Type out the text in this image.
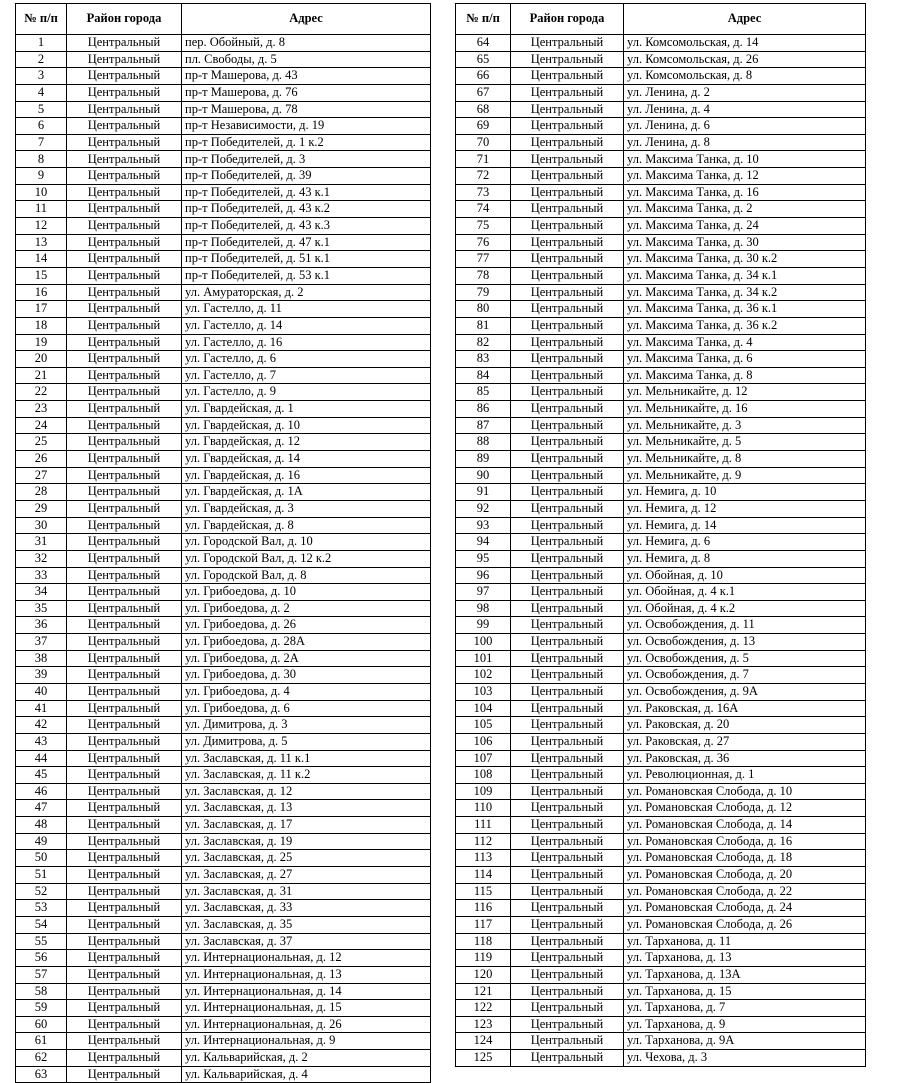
№ п/п	Район города	Адрес
1	Центральный	пер. Обойный, д. 8
2	Центральный	пл. Свободы, д. 5
3	Центральный	пр-т Машерова, д. 43
4	Центральный	пр-т Машерова, д. 76
5	Центральный	пр-т Машерова, д. 78
6	Центральный	пр-т Независимости, д. 19
7	Центральный	пр-т Победителей, д. 1 к.2
8	Центральный	пр-т Победителей, д. 3
9	Центральный	пр-т Победителей, д. 39
10	Центральный	пр-т Победителей, д. 43 к.1
11	Центральный	пр-т Победителей, д. 43 к.2
12	Центральный	пр-т Победителей, д. 43 к.3
13	Центральный	пр-т Победителей, д. 47 к.1
14	Центральный	пр-т Победителей, д. 51 к.1
15	Центральный	пр-т Победителей, д. 53 к.1
16	Центральный	ул. Амураторская, д. 2
17	Центральный	ул. Гастелло, д. 11
18	Центральный	ул. Гастелло, д. 14
19	Центральный	ул. Гастелло, д. 16
20	Центральный	ул. Гастелло, д. 6
21	Центральный	ул. Гастелло, д. 7
22	Центральный	ул. Гастелло, д. 9
23	Центральный	ул. Гвардейская, д. 1
24	Центральный	ул. Гвардейская, д. 10
25	Центральный	ул. Гвардейская, д. 12
26	Центральный	ул. Гвардейская, д. 14
27	Центральный	ул. Гвардейская, д. 16
28	Центральный	ул. Гвардейская, д. 1А
29	Центральный	ул. Гвардейская, д. 3
30	Центральный	ул. Гвардейская, д. 8
31	Центральный	ул. Городской Вал, д. 10
32	Центральный	ул. Городской Вал, д. 12 к.2
33	Центральный	ул. Городской Вал, д. 8
34	Центральный	ул. Грибоедова, д. 10
35	Центральный	ул. Грибоедова, д. 2
36	Центральный	ул. Грибоедова, д. 26
37	Центральный	ул. Грибоедова, д. 28А
38	Центральный	ул. Грибоедова, д. 2А
39	Центральный	ул. Грибоедова, д. 30
40	Центральный	ул. Грибоедова, д. 4
41	Центральный	ул. Грибоедова, д. 6
42	Центральный	ул. Димитрова, д. 3
43	Центральный	ул. Димитрова, д. 5
44	Центральный	ул. Заславская, д. 11 к.1
45	Центральный	ул. Заславская, д. 11 к.2
46	Центральный	ул. Заславская, д. 12
47	Центральный	ул. Заславская, д. 13
48	Центральный	ул. Заславская, д. 17
49	Центральный	ул. Заславская, д. 19
50	Центральный	ул. Заславская, д. 25
51	Центральный	ул. Заславская, д. 27
52	Центральный	ул. Заславская, д. 31
53	Центральный	ул. Заславская, д. 33
54	Центральный	ул. Заславская, д. 35
55	Центральный	ул. Заславская, д. 37
56	Центральный	ул. Интернациональная, д. 12
57	Центральный	ул. Интернациональная, д. 13
58	Центральный	ул. Интернациональная, д. 14
59	Центральный	ул. Интернациональная, д. 15
60	Центральный	ул. Интернациональная, д. 26
61	Центральный	ул. Интернациональная, д. 9
62	Центральный	ул. Кальварийская, д. 2
63	Центральный	ул. Кальварийская, д. 4
№ п/п	Район города	Адрес
64	Центральный	ул. Комсомольская, д. 14
65	Центральный	ул. Комсомольская, д. 26
66	Центральный	ул. Комсомольская, д. 8
67	Центральный	ул. Ленина, д. 2
68	Центральный	ул. Ленина, д. 4
69	Центральный	ул. Ленина, д. 6
70	Центральный	ул. Ленина, д. 8
71	Центральный	ул. Максима Танка, д. 10
72	Центральный	ул. Максима Танка, д. 12
73	Центральный	ул. Максима Танка, д. 16
74	Центральный	ул. Максима Танка, д. 2
75	Центральный	ул. Максима Танка, д. 24
76	Центральный	ул. Максима Танка, д. 30
77	Центральный	ул. Максима Танка, д. 30 к.2
78	Центральный	ул. Максима Танка, д. 34 к.1
79	Центральный	ул. Максима Танка, д. 34 к.2
80	Центральный	ул. Максима Танка, д. 36 к.1
81	Центральный	ул. Максима Танка, д. 36 к.2
82	Центральный	ул. Максима Танка, д. 4
83	Центральный	ул. Максима Танка, д. 6
84	Центральный	ул. Максима Танка, д. 8
85	Центральный	ул. Мельникайте, д. 12
86	Центральный	ул. Мельникайте, д. 16
87	Центральный	ул. Мельникайте, д. 3
88	Центральный	ул. Мельникайте, д. 5
89	Центральный	ул. Мельникайте, д. 8
90	Центральный	ул. Мельникайте, д. 9
91	Центральный	ул. Немига, д. 10
92	Центральный	ул. Немига, д. 12
93	Центральный	ул. Немига, д. 14
94	Центральный	ул. Немига, д. 6
95	Центральный	ул. Немига, д. 8
96	Центральный	ул. Обойная, д. 10
97	Центральный	ул. Обойная, д. 4 к.1
98	Центральный	ул. Обойная, д. 4 к.2
99	Центральный	ул. Освобождения, д. 11
100	Центральный	ул. Освобождения, д. 13
101	Центральный	ул. Освобождения, д. 5
102	Центральный	ул. Освобождения, д. 7
103	Центральный	ул. Освобождения, д. 9А
104	Центральный	ул. Раковская, д. 16А
105	Центральный	ул. Раковская, д. 20
106	Центральный	ул. Раковская, д. 27
107	Центральный	ул. Раковская, д. 36
108	Центральный	ул. Революционная, д. 1
109	Центральный	ул. Романовская Слобода, д. 10
110	Центральный	ул. Романовская Слобода, д. 12
111	Центральный	ул. Романовская Слобода, д. 14
112	Центральный	ул. Романовская Слобода, д. 16
113	Центральный	ул. Романовская Слобода, д. 18
114	Центральный	ул. Романовская Слобода, д. 20
115	Центральный	ул. Романовская Слобода, д. 22
116	Центральный	ул. Романовская Слобода, д. 24
117	Центральный	ул. Романовская Слобода, д. 26
118	Центральный	ул. Тарханова, д. 11
119	Центральный	ул. Тарханова, д. 13
120	Центральный	ул. Тарханова, д. 13А
121	Центральный	ул. Тарханова, д. 15
122	Центральный	ул. Тарханова, д. 7
123	Центральный	ул. Тарханова, д. 9
124	Центральный	ул. Тарханова, д. 9А
125	Центральный	ул. Чехова, д. 3
